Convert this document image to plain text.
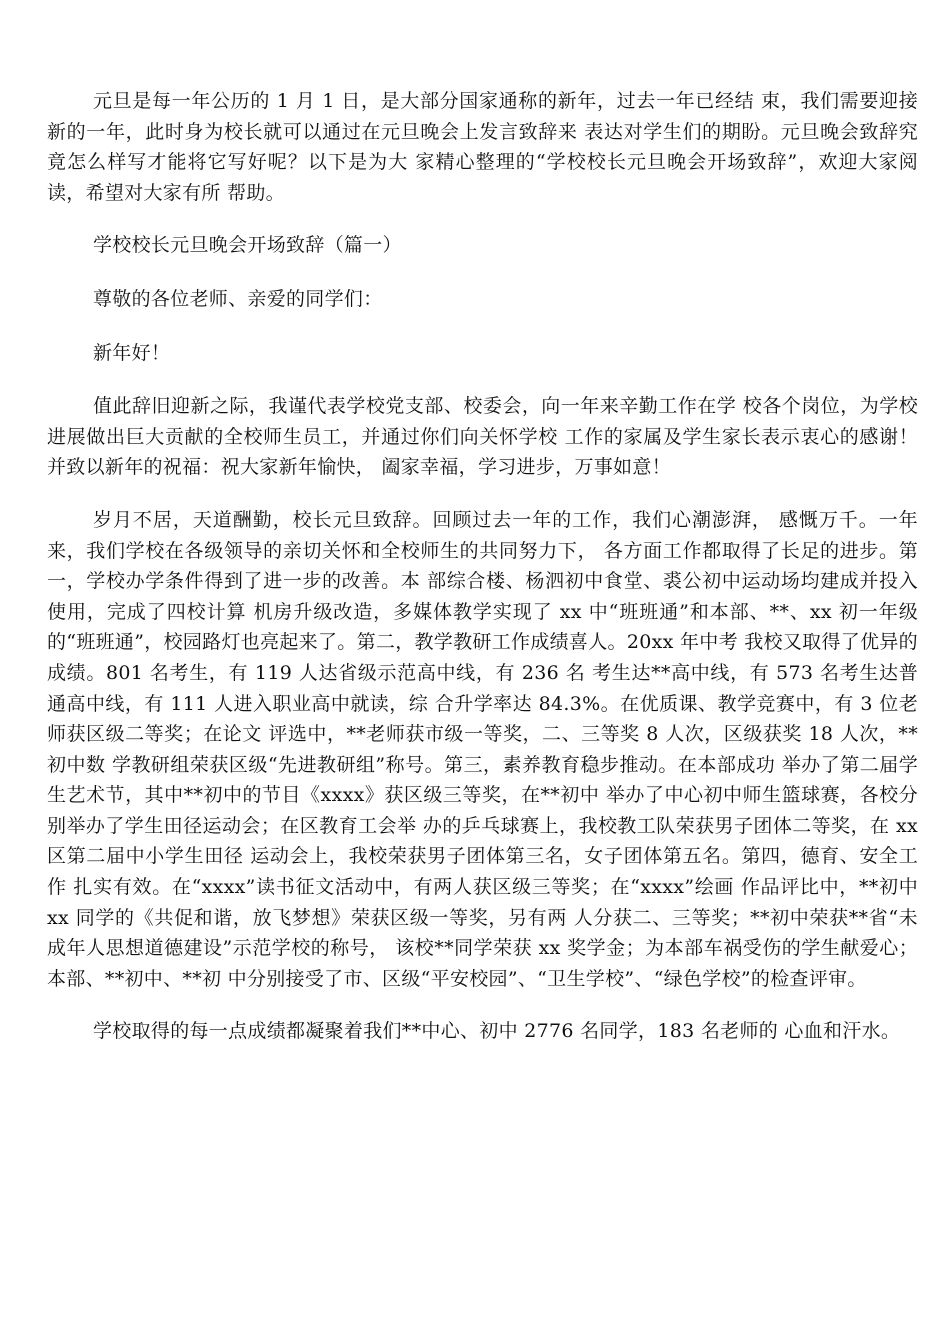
元旦是每一年公历的 1 月 1 日，是大部分国家通称的新年，过去一年已经结 束，我们需要迎接新的一年，此时身为校长就可以通过在元旦晚会上发言致辞来 表达对学生们的期盼。元旦晚会致辞究竟怎么样写才能将它写好呢？以下是为大 家精心整理的“学校校长元旦晚会开场致辞”，欢迎大家阅读，希望对大家有所 帮助。

学校校长元旦晚会开场致辞（篇一）

尊敬的各位老师、亲爱的同学们：

新年好！

值此辞旧迎新之际，我谨代表学校党支部、校委会，向一年来辛勤工作在学 校各个岗位，为学校进展做出巨大贡献的全校师生员工，并通过你们向关怀学校 工作的家属及学生家长表示衷心的感谢！并致以新年的祝福：祝大家新年愉快， 阖家幸福，学习进步，万事如意！

岁月不居，天道酬勤，校长元旦致辞。回顾过去一年的工作，我们心潮澎湃， 感慨万千。一年来，我们学校在各级领导的亲切关怀和全校师生的共同努力下， 各方面工作都取得了长足的进步。第一，学校办学条件得到了进一步的改善。本 部综合楼、杨泗初中食堂、裘公初中运动场均建成并投入使用，完成了四校计算 机房升级改造，多媒体教学实现了 xx 中“班班通”和本部、**、xx 初一年级的“班班通”，校园路灯也亮起来了。第二，教学教研工作成绩喜人。20xx 年中考 我校又取得了优异的成绩。801 名考生，有 119 人达省级示范高中线，有 236 名 考生达**高中线，有 573 名考生达普通高中线，有 111 人进入职业高中就读，综 合升学率达 84.3%。在优质课、教学竞赛中，有 3 位老师获区级二等奖；在论文 评选中，**老师获市级一等奖，二、三等奖 8 人次，区级获奖 18 人次，**初中数 学教研组荣获区级“先进教研组”称号。第三，素养教育稳步推动。在本部成功 举办了第二届学生艺术节，其中**初中的节目《xxxx》获区级三等奖，在**初中 举办了中心初中师生篮球赛，各校分别举办了学生田径运动会；在区教育工会举 办的乒乓球赛上，我校教工队荣获男子团体二等奖，在 xx 区第二届中小学生田径 运动会上，我校荣获男子团体第三名，女子团体第五名。第四，德育、安全工作 扎实有效。在“xxxx”读书征文活动中，有两人获区级三等奖；在“xxxx”绘画 作品评比中，**初中 xx 同学的《共促和谐，放飞梦想》荣获区级一等奖，另有两 人分获二、三等奖；**初中荣获**省“未成年人思想道德建设”示范学校的称号， 该校**同学荣获 xx 奖学金；为本部车祸受伤的学生献爱心；本部、**初中、**初 中分别接受了市、区级“平安校园”、“卫生学校”、“绿色学校”的检查评审。

学校取得的每一点成绩都凝聚着我们**中心、初中 2776 名同学，183 名老师的 心血和汗水。
